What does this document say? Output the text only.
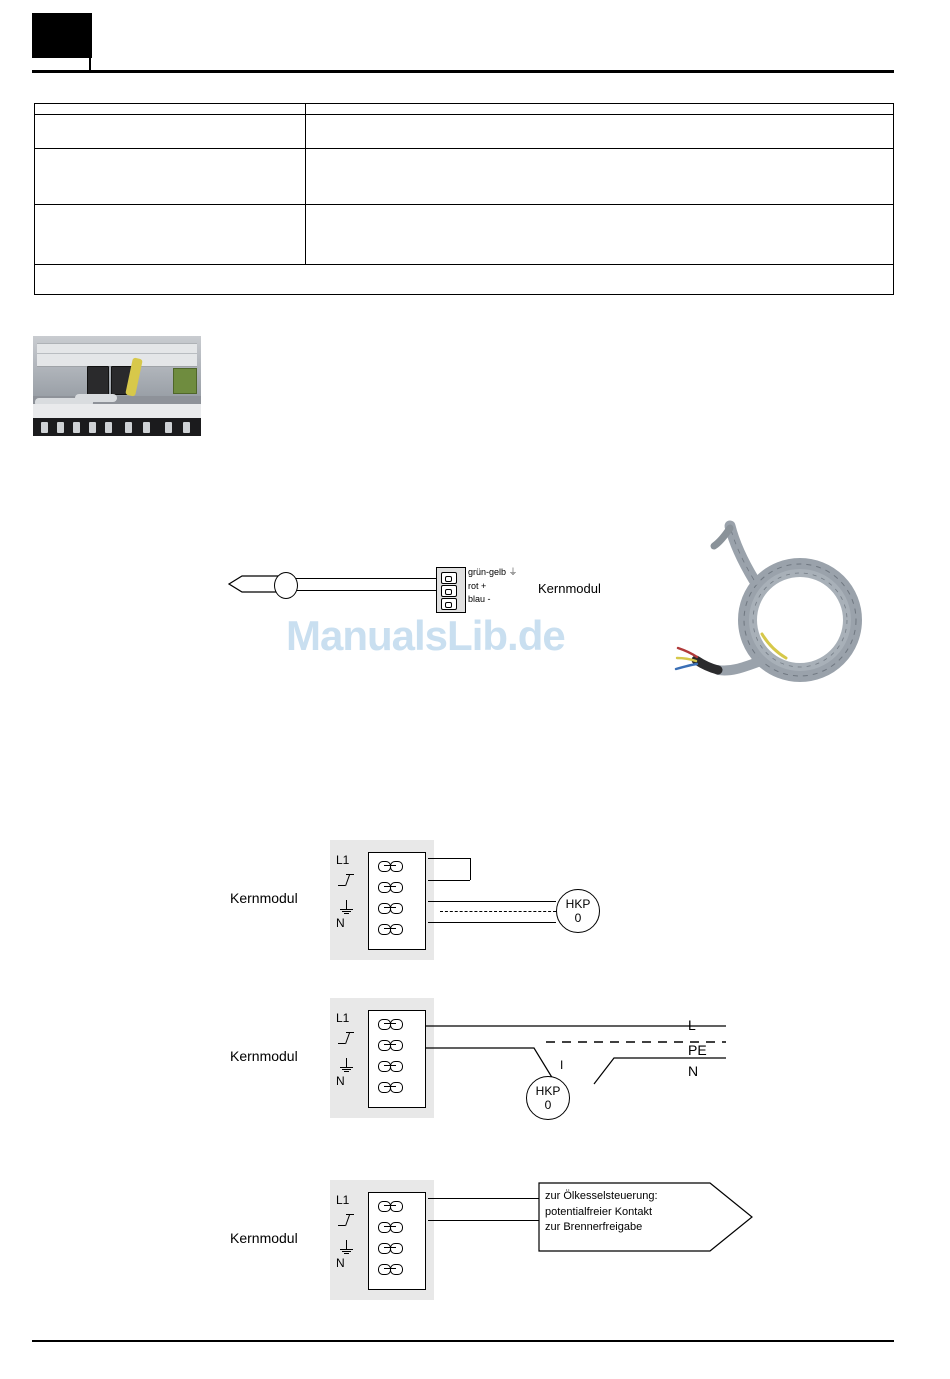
grün-gelb ⏚
rot +
blau -
Kernmodul
ManualsLib.de
Kernmodul
L1
N
HKP
0
Kernmodul
L1
N
HKP
0
I
L
PE
N
Kernmodul
L1
N
zur Ölkesselsteuerung:
potentialfreier Kontakt
zur Brennerfreigabe
